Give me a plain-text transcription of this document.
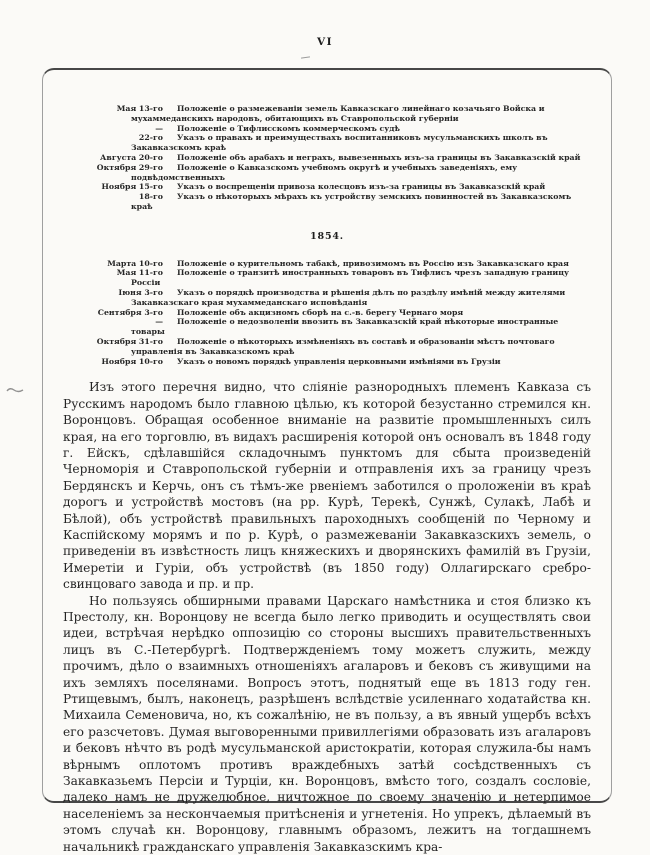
VI
Мая 13-го	Положеніе о размежеваніи земель Кавказскаго линейнаго козачьяго Войска и мухаммеданскихъ народовъ, обитающихъ въ Ставропольской губерніи
—	Положеніе о Тифлисскомъ коммерческомъ судѣ
22-го	Указъ о правахъ и преимуществахъ воспитанниковъ мусульманскихъ школъ въ Закавказскомъ краѣ
Августа 20-го	Положеніе объ арабахъ и неграхъ, вывезенныхъ изъ-за границы въ Закавказскій край
Октября 29-го	Положеніе о Кавказскомъ учебномъ округѣ и учебныхъ заведеніяхъ, ему подвѣдомственныхъ
Ноября 15-го	Указъ о воспрещеніи привоза колесцовъ изъ-за границы въ Закавказскій край
18-го	Указъ о нѣкоторыхъ мѣрахъ къ устройству земскихъ повинностей въ Закавказскомъ краѣ
1854.
Марта 10-го	Положеніе о курительномъ табакѣ, привозимомъ въ Россію изъ Закавказскаго края
Мая 11-го	Положеніе о транзитѣ иностранныхъ товаровъ въ Тифлисъ чрезъ западную границу Россіи
Іюня 3-го	Указъ о порядкѣ производства и рѣшенія дѣлъ по раздѣлу имѣній между жителями Закавказскаго края мухаммеданскаго исповѣданія
Сентября 3-го	Положеніе объ акцизномъ сборѣ на с.-в. берегу Чернаго моря
—	Положеніе о недозволеніи ввозить въ Закавказскій край нѣкоторые иностранные товары
Октября 31-го	Положеніе о нѣкоторыхъ измѣненіяхъ въ составѣ и образованіи мѣстъ почтоваго управленія въ Закавказскомъ краѣ
Ноября 10-го	Указъ о новомъ порядкѣ управленія церковными имѣніями въ Грузіи

Изъ этого перечня видно, что сліяніе разнородныхъ племенъ Кавказа съ Русскимъ народомъ было главною цѣлью, къ которой безустанно стремился кн. Воронцовъ. Обращая особенное вниманіе на развитіе промышленныхъ силъ края, на его торговлю, въ видахъ расширенія которой онъ основалъ въ 1848 году г. Ейскъ, сдѣлавшійся складочнымъ пунктомъ для сбыта произведеній Черноморія и Ставропольской губерніи и отправленія ихъ за границу чрезъ Бердянскъ и Керчь, онъ съ тѣмъ-же рвеніемъ заботился о проложеніи въ краѣ дорогъ и устройствѣ мостовъ (на рр. Курѣ, Терекѣ, Сунжѣ, Сулакѣ, Лабѣ и Бѣлой), объ устройствѣ правильныхъ пароходныхъ сообщеній по Черному и Каспійскому морямъ и по р. Курѣ, о размежеваніи Закавказскихъ земель, о приведеніи въ извѣстность лицъ княжескихъ и дворянскихъ фамилій въ Грузіи, Имеретіи и Гуріи, объ устройствѣ (въ 1850 году) Оллагирскаго сребро-свинцоваго завода и пр. и пр.

Но пользуясь обширными правами Царскаго намѣстника и стоя близко къ Престолу, кн. Воронцову не всегда было легко приводить и осуществлять свои идеи, встрѣчая нерѣдко оппозицію со стороны высшихъ правительственныхъ лицъ въ С.-Петербургѣ. Подтвержденіемъ тому можетъ служить, между прочимъ, дѣло о взаимныхъ отношеніяхъ агаларовъ и бековъ съ живущими на ихъ земляхъ поселянами. Вопросъ этотъ, поднятый еще въ 1813 году ген. Ртищевымъ, былъ, наконецъ, разрѣшенъ вслѣдствіе усиленнаго ходатайства кн. Михаила Семеновича, но, къ сожалѣнію, не въ пользу, а въ явный ущербъ всѣхъ его разсчетовъ. Думая выговоренными привиллегіями образовать изъ агаларовъ и бековъ нѣчто въ родѣ мусульманской аристократіи, которая служила-бы намъ вѣрнымъ оплотомъ противъ враждебныхъ затѣй сосѣдственныхъ съ Закавказьемъ Персіи и Турціи, кн. Воронцовъ, вмѣсто того, создалъ сословіе, далеко намъ не дружелюбное, ничтожное по своему значенію и нетерпимое населеніемъ за нескончаемыя притѣсненія и угнетенія. Но упрекъ, дѣлаемый въ этомъ случаѣ кн. Воронцову, главнымъ образомъ, лежитъ на тогдашнемъ начальникѣ гражданскаго управленія Закавказскимъ кра-
